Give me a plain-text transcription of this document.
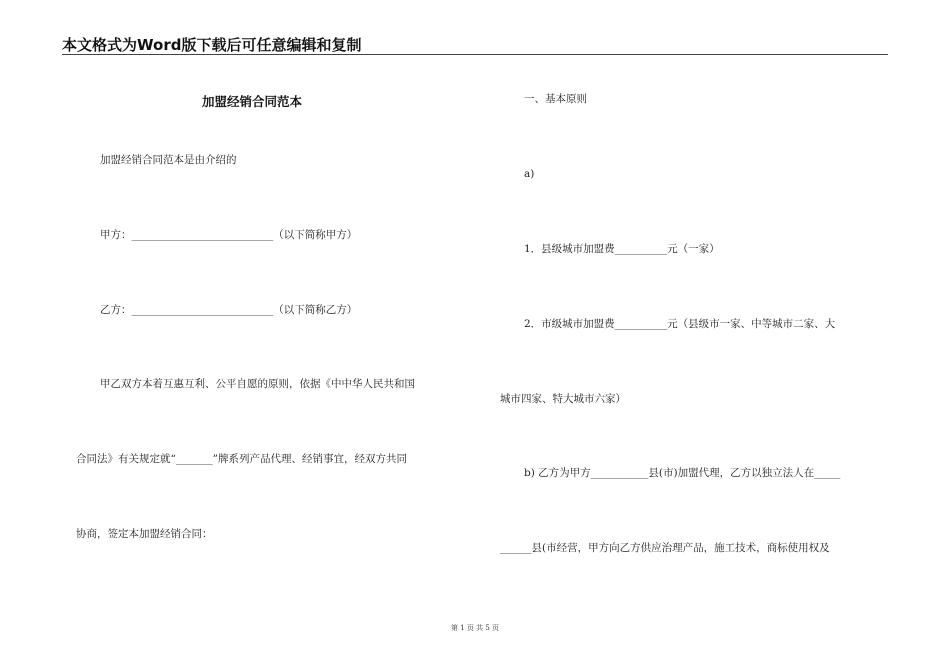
本文格式为Word版下载后可任意编辑和复制
加盟经销合同范本
加盟经销合同范本是由介绍的
甲方：___________________________（以下简称甲方）
乙方：___________________________（以下简称乙方）
甲乙双方本着互惠互利、公平自愿的原则，依据《中中华人民共和国
合同法》有关规定就“_______”牌系列产品代理、经销事宜，经双方共同
协商，签定本加盟经销合同：
一、基本原则
a)
1．县级城市加盟费__________元（一家）
2．市级城市加盟费__________元（县级市一家、中等城市二家、大
城市四家、特大城市六家）
b) 乙方为甲方___________县(市)加盟代理，乙方以独立法人在_____
______县(市经营，甲方向乙方供应治理产品，施工技术，商标使用权及
第 1 页 共 5 页
